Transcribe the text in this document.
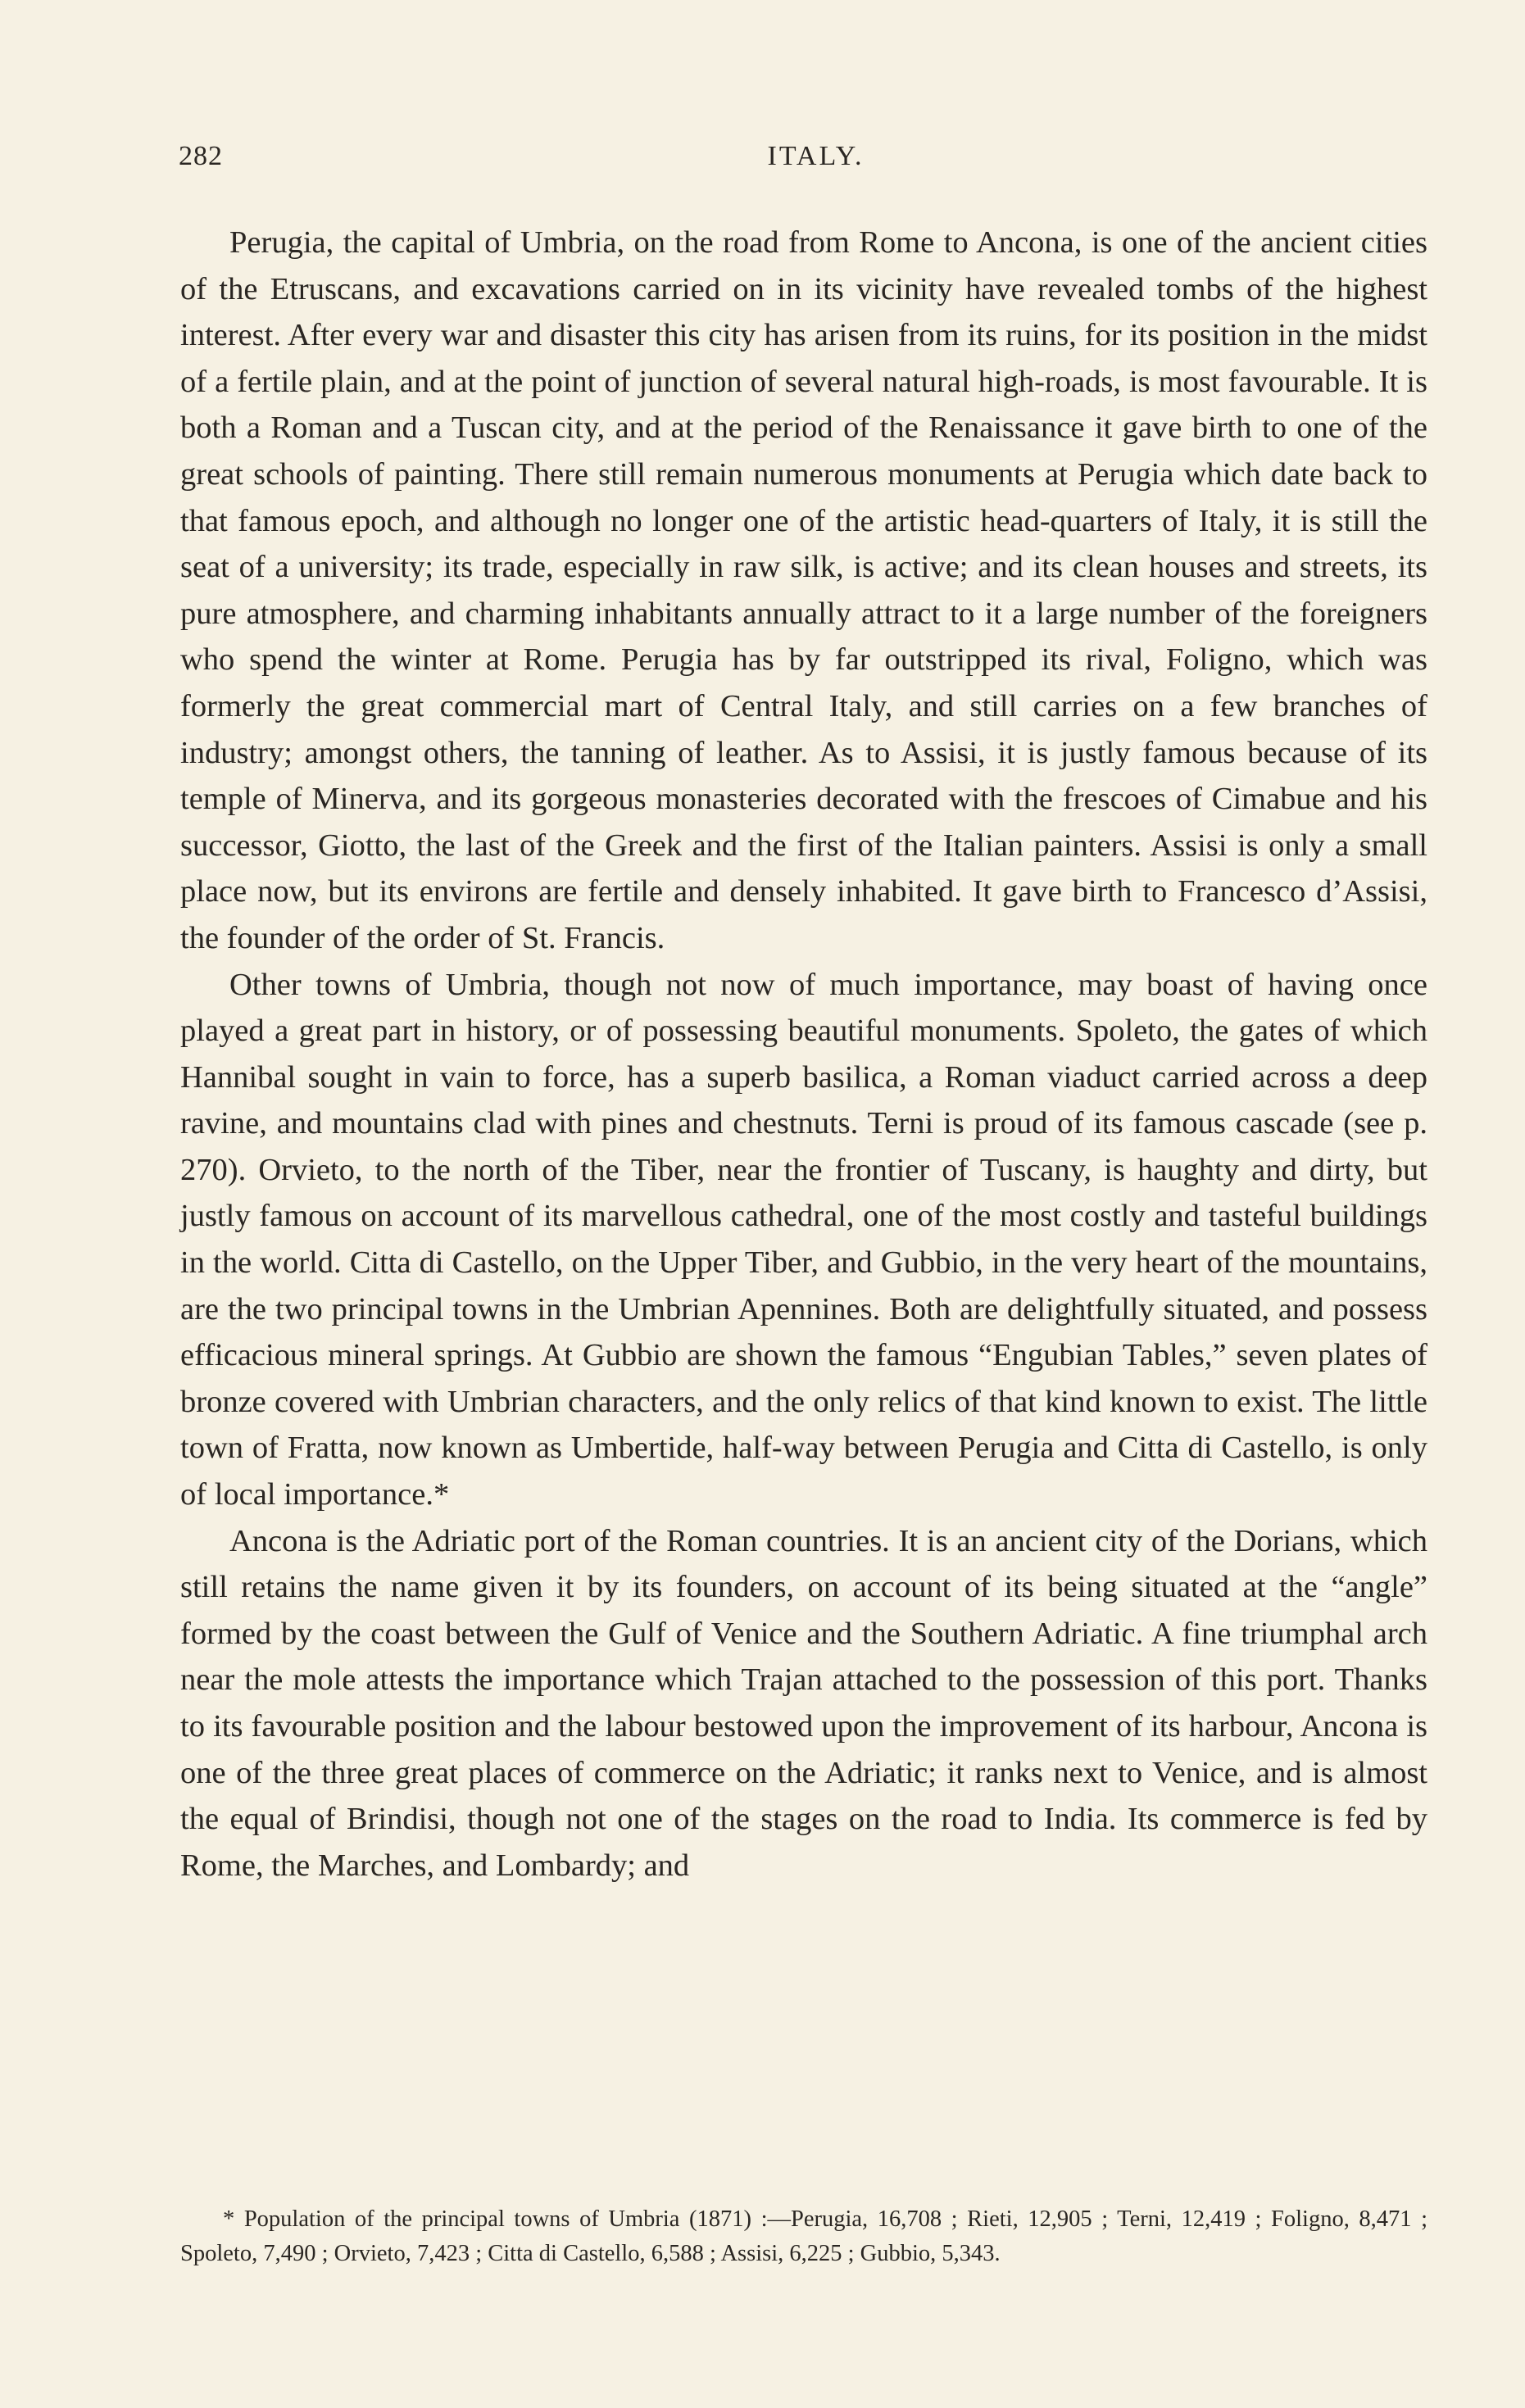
282	ITALY.

Perugia, the capital of Umbria, on the road from Rome to Ancona, is one of the ancient cities of the Etruscans, and excavations carried on in its vicinity have revealed tombs of the highest interest. After every war and disaster this city has arisen from its ruins, for its position in the midst of a fertile plain, and at the point of junction of several natural high-roads, is most favourable. It is both a Roman and a Tuscan city, and at the period of the Renaissance it gave birth to one of the great schools of painting. There still remain numerous monuments at Perugia which date back to that famous epoch, and although no longer one of the artistic head-quarters of Italy, it is still the seat of a university; its trade, especially in raw silk, is active; and its clean houses and streets, its pure atmosphere, and charming inhabitants annually attract to it a large number of the foreigners who spend the winter at Rome. Perugia has by far outstripped its rival, Foligno, which was formerly the great commercial mart of Central Italy, and still carries on a few branches of industry; amongst others, the tanning of leather. As to Assisi, it is justly famous because of its temple of Minerva, and its gorgeous monasteries decorated with the frescoes of Cimabue and his successor, Giotto, the last of the Greek and the first of the Italian painters. Assisi is only a small place now, but its environs are fertile and densely inhabited. It gave birth to Francesco d’Assisi, the founder of the order of St. Francis.

Other towns of Umbria, though not now of much importance, may boast of having once played a great part in history, or of possessing beautiful monuments. Spoleto, the gates of which Hannibal sought in vain to force, has a superb basilica, a Roman viaduct carried across a deep ravine, and mountains clad with pines and chestnuts. Terni is proud of its famous cascade (see p. 270). Orvieto, to the north of the Tiber, near the frontier of Tuscany, is haughty and dirty, but justly famous on account of its marvellous cathedral, one of the most costly and tasteful buildings in the world. Citta di Castello, on the Upper Tiber, and Gubbio, in the very heart of the mountains, are the two principal towns in the Umbrian Apennines. Both are delightfully situated, and possess efficacious mineral springs. At Gubbio are shown the famous “Engubian Tables,” seven plates of bronze covered with Umbrian characters, and the only relics of that kind known to exist. The little town of Fratta, now known as Umbertide, half-way between Perugia and Citta di Castello, is only of local importance.*

Ancona is the Adriatic port of the Roman countries. It is an ancient city of the Dorians, which still retains the name given it by its founders, on account of its being situated at the “angle” formed by the coast between the Gulf of Venice and the Southern Adriatic. A fine triumphal arch near the mole attests the importance which Trajan attached to the possession of this port. Thanks to its favourable position and the labour bestowed upon the improvement of its harbour, Ancona is one of the three great places of commerce on the Adriatic; it ranks next to Venice, and is almost the equal of Brindisi, though not one of the stages on the road to India. Its commerce is fed by Rome, the Marches, and Lombardy; and

* Population of the principal towns of Umbria (1871) :—Perugia, 16,708 ; Rieti, 12,905 ; Terni, 12,419 ; Foligno, 8,471 ; Spoleto, 7,490 ; Orvieto, 7,423 ; Citta di Castello, 6,588 ; Assisi, 6,225 ; Gubbio, 5,343.
